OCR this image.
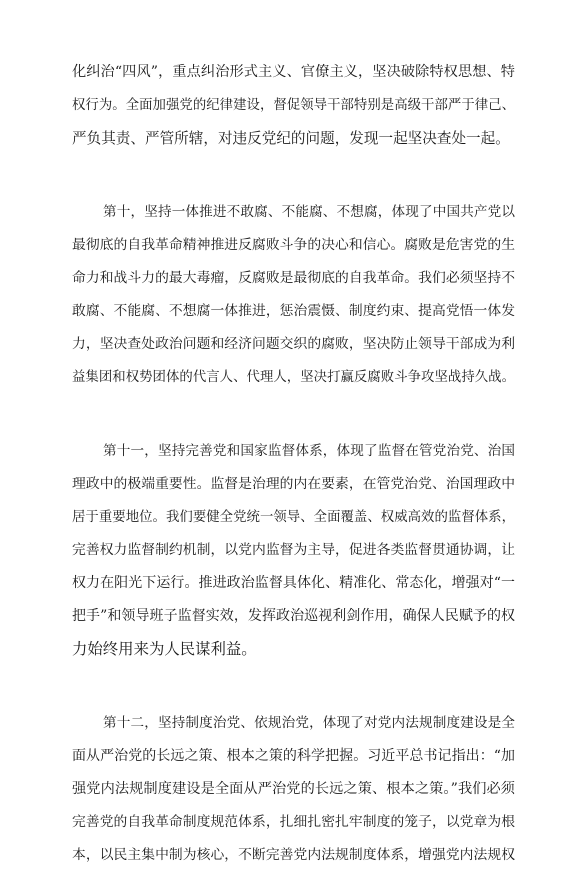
化纠治“四风”，重点纠治形式主义、官僚主义，坚决破除特权思想、特
权行为。全面加强党的纪律建设，督促领导干部特别是高级干部严于律己、
严负其责、严管所辖，对违反党纪的问题，发现一起坚决查处一起。
第十，坚持一体推进不敢腐、不能腐、不想腐，体现了中国共产党以
最彻底的自我革命精神推进反腐败斗争的决心和信心。腐败是危害党的生
命力和战斗力的最大毒瘤，反腐败是最彻底的自我革命。我们必须坚持不
敢腐、不能腐、不想腐一体推进，惩治震慑、制度约束、提高党悟一体发
力，坚决查处政治问题和经济问题交织的腐败，坚决防止领导干部成为利
益集团和权势团体的代言人、代理人，坚决打赢反腐败斗争攻坚战持久战。
第十一，坚持完善党和国家监督体系，体现了监督在管党治党、治国
理政中的极端重要性。监督是治理的内在要素，在管党治党、治国理政中
居于重要地位。我们要健全党统一领导、全面覆盖、权威高效的监督体系，
完善权力监督制约机制，以党内监督为主导，促进各类监督贯通协调，让
权力在阳光下运行。推进政治监督具体化、精准化、常态化，增强对“一
把手”和领导班子监督实效，发挥政治巡视利剑作用，确保人民赋予的权
力始终用来为人民谋利益。
第十二，坚持制度治党、依规治党，体现了对党内法规制度建设是全
面从严治党的长远之策、根本之策的科学把握。习近平总书记指出：“加
强党内法规制度建设是全面从严治党的长远之策、根本之策。”我们必须
完善党的自我革命制度规范体系，扎细扎密扎牢制度的笼子，以党章为根
本，以民主集中制为核心，不断完善党内法规制度体系，增强党内法规权
